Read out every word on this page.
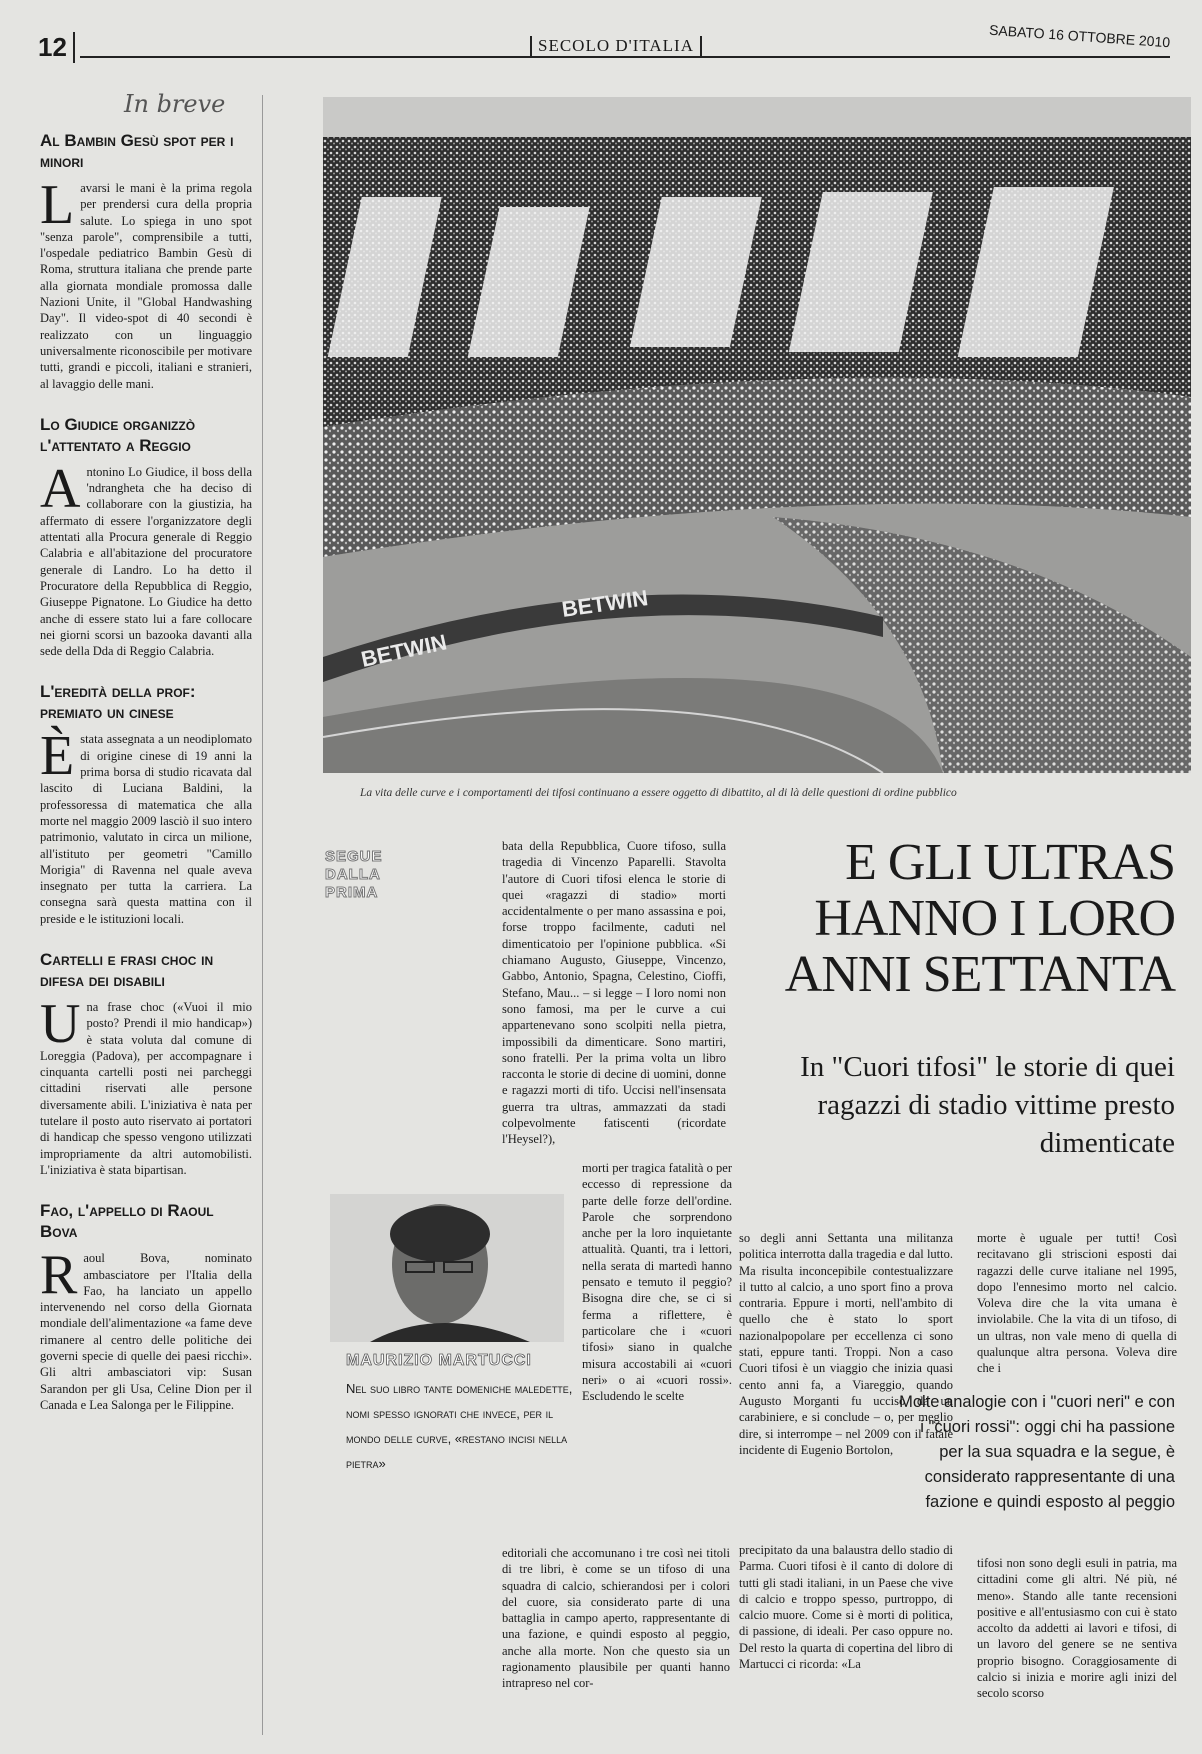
12	SECOLO D'ITALIA	SABATO 16 OTTOBRE 2010
In breve
Al Bambin Gesù spot per i minori
Lavarsi le mani è la prima regola per prendersi cura della propria salute. Lo spiega in uno spot "senza parole", comprensibile a tutti, l'ospedale pediatrico Bambin Gesù di Roma, struttura italiana che prende parte alla giornata mondiale promossa dalle Nazioni Unite, il "Global Handwashing Day". Il video-spot di 40 secondi è realizzato con un linguaggio universalmente riconoscibile per motivare tutti, grandi e piccoli, italiani e stranieri, al lavaggio delle mani.
Lo Giudice organizzò l'attentato a Reggio
Antonino Lo Giudice, il boss della 'ndrangheta che ha deciso di collaborare con la giustizia, ha affermato di essere l'organizzatore degli attentati alla Procura generale di Reggio Calabria e all'abitazione del procuratore generale di Landro. Lo ha detto il Procuratore della Repubblica di Reggio, Giuseppe Pignatone. Lo Giudice ha detto anche di essere stato lui a fare collocare nei giorni scorsi un bazooka davanti alla sede della Dda di Reggio Calabria.
L'eredità della prof: premiato un cinese
Èstata assegnata a un neodiplomato di origine cinese di 19 anni la prima borsa di studio ricavata dal lascito di Luciana Baldini, la professoressa di matematica che alla morte nel maggio 2009 lasciò il suo intero patrimonio, valutato in circa un milione, all'istituto per geometri "Camillo Morigia" di Ravenna nel quale aveva insegnato per tutta la carriera. La consegna sarà questa mattina con il preside e le istituzioni locali.
Cartelli e frasi choc in difesa dei disabili
Una frase choc («Vuoi il mio posto? Prendi il mio handicap») è stata voluta dal comune di Loreggia (Padova), per accompagnare i cinquanta cartelli posti nei parcheggi cittadini riservati alle persone diversamente abili. L'iniziativa è nata per tutelare il posto auto riservato ai portatori di handicap che spesso vengono utilizzati impropriamente da altri automobilisti. L'iniziativa è stata bipartisan.
Fao, l'appello di Raoul Bova
Raoul Bova, nominato ambasciatore per l'Italia della Fao, ha lanciato un appello intervenendo nel corso della Giornata mondiale dell'alimentazione «a fame deve rimanere al centro delle politiche dei governi specie di quelle dei paesi ricchi». Gli altri ambasciatori vip: Susan Sarandon per gli Usa, Celine Dion per il Canada e Lea Salonga per le Filippine.
BETWIN
BETWIN
La vita delle curve e i comportamenti dei tifosi continuano a essere oggetto di dibattito, al di là delle questioni di ordine pubblico
SEGUE
DALLA
PRIMA
bata della Repubblica, Cuore tifoso, sulla tragedia di Vincenzo Paparelli. Stavolta l'autore di Cuori tifosi elenca le storie di quei «ragazzi di stadio» morti accidentalmente o per mano assassina e poi, forse troppo facilmente, caduti nel dimenticatoio per l'opinione pubblica. «Si chiamano Augusto, Giuseppe, Vincenzo, Gabbo, Antonio, Spagna, Celestino, Cioffi, Stefano, Mau... – si legge – I loro nomi non sono famosi, ma per le curve a cui appartenevano sono scolpiti nella pietra, impossibili da dimenticare. Sono martiri, sono fratelli. Per la prima volta un libro racconta le storie di decine di uomini, donne e ragazzi morti di tifo. Uccisi nell'insensata guerra tra ultras, ammazzati da stadi colpevolmente fatiscenti (ricordate l'Heysel?),
E GLI ULTRAS HANNO I LORO ANNI SETTANTA
In "Cuori tifosi" le storie di quei ragazzi di stadio vittime presto dimenticate
MAURIZIO MARTUCCI
Nel suo libro tante domeniche maledette, nomi spesso ignorati che invece, per il mondo delle curve, «restano incisi nella pietra»
morti per tragica fatalità o per eccesso di repressione da parte delle forze dell'ordine. Parole che sorprendono anche per la loro inquietante attualità. Quanti, tra i lettori, nella serata di martedì hanno pensato e temuto il peggio? Bisogna dire che, se ci si ferma a riflettere, è particolare che i «cuori tifosi» siano in qualche misura accostabili ai «cuori neri» o ai «cuori rossi». Escludendo le scelte
editoriali che accomunano i tre così nei titoli di tre libri, è come se un tifoso di una squadra di calcio, schierandosi per i colori del cuore, sia considerato parte di una battaglia in campo aperto, rappresentante di una fazione, e quindi esposto al peggio, anche alla morte. Non che questo sia un ragionamento plausibile per quanti hanno intrapreso nel cor-
so degli anni Settanta una militanza politica interrotta dalla tragedia e dal lutto. Ma risulta inconcepibile contestualizzare il tutto al calcio, a uno sport fino a prova contraria. Eppure i morti, nell'ambito di quello che è stato lo sport nazionalpopolare per eccellenza ci sono stati, eppure tanti. Troppi. Non a caso Cuori tifosi è un viaggio che inizia quasi cento anni fa, a Viareggio, quando Augusto Morganti fu ucciso da un carabiniere, e si conclude – o, per meglio dire, si interrompe – nel 2009 con il fatale incidente di Eugenio Bortolon,
precipitato da una balaustra dello stadio di Parma. Cuori tifosi è il canto di dolore di tutti gli stadi italiani, in un Paese che vive di calcio e troppo spesso, purtroppo, di calcio muore. Come si è morti di politica, di passione, di ideali. Per caso oppure no. Del resto la quarta di copertina del libro di Martucci ci ricorda: «La
morte è uguale per tutti! Così recitavano gli striscioni esposti dai ragazzi delle curve italiane nel 1995, dopo l'ennesimo morto nel calcio. Voleva dire che la vita umana è inviolabile. Che la vita di un tifoso, di un ultras, non vale meno di quella di qualunque altra persona. Voleva dire che i
Molte analogie con i "cuori neri" e con i "cuori rossi": oggi chi ha passione per la sua squadra e la segue, è considerato rappresentante di una fazione e quindi esposto al peggio
tifosi non sono degli esuli in patria, ma cittadini come gli altri. Né più, né meno». Stando alle tante recensioni positive e all'entusiasmo con cui è stato accolto da addetti ai lavori e tifosi, di un lavoro del genere se ne sentiva proprio bisogno. Coraggiosamente di calcio si inizia e morire agli inizi del secolo scorso
